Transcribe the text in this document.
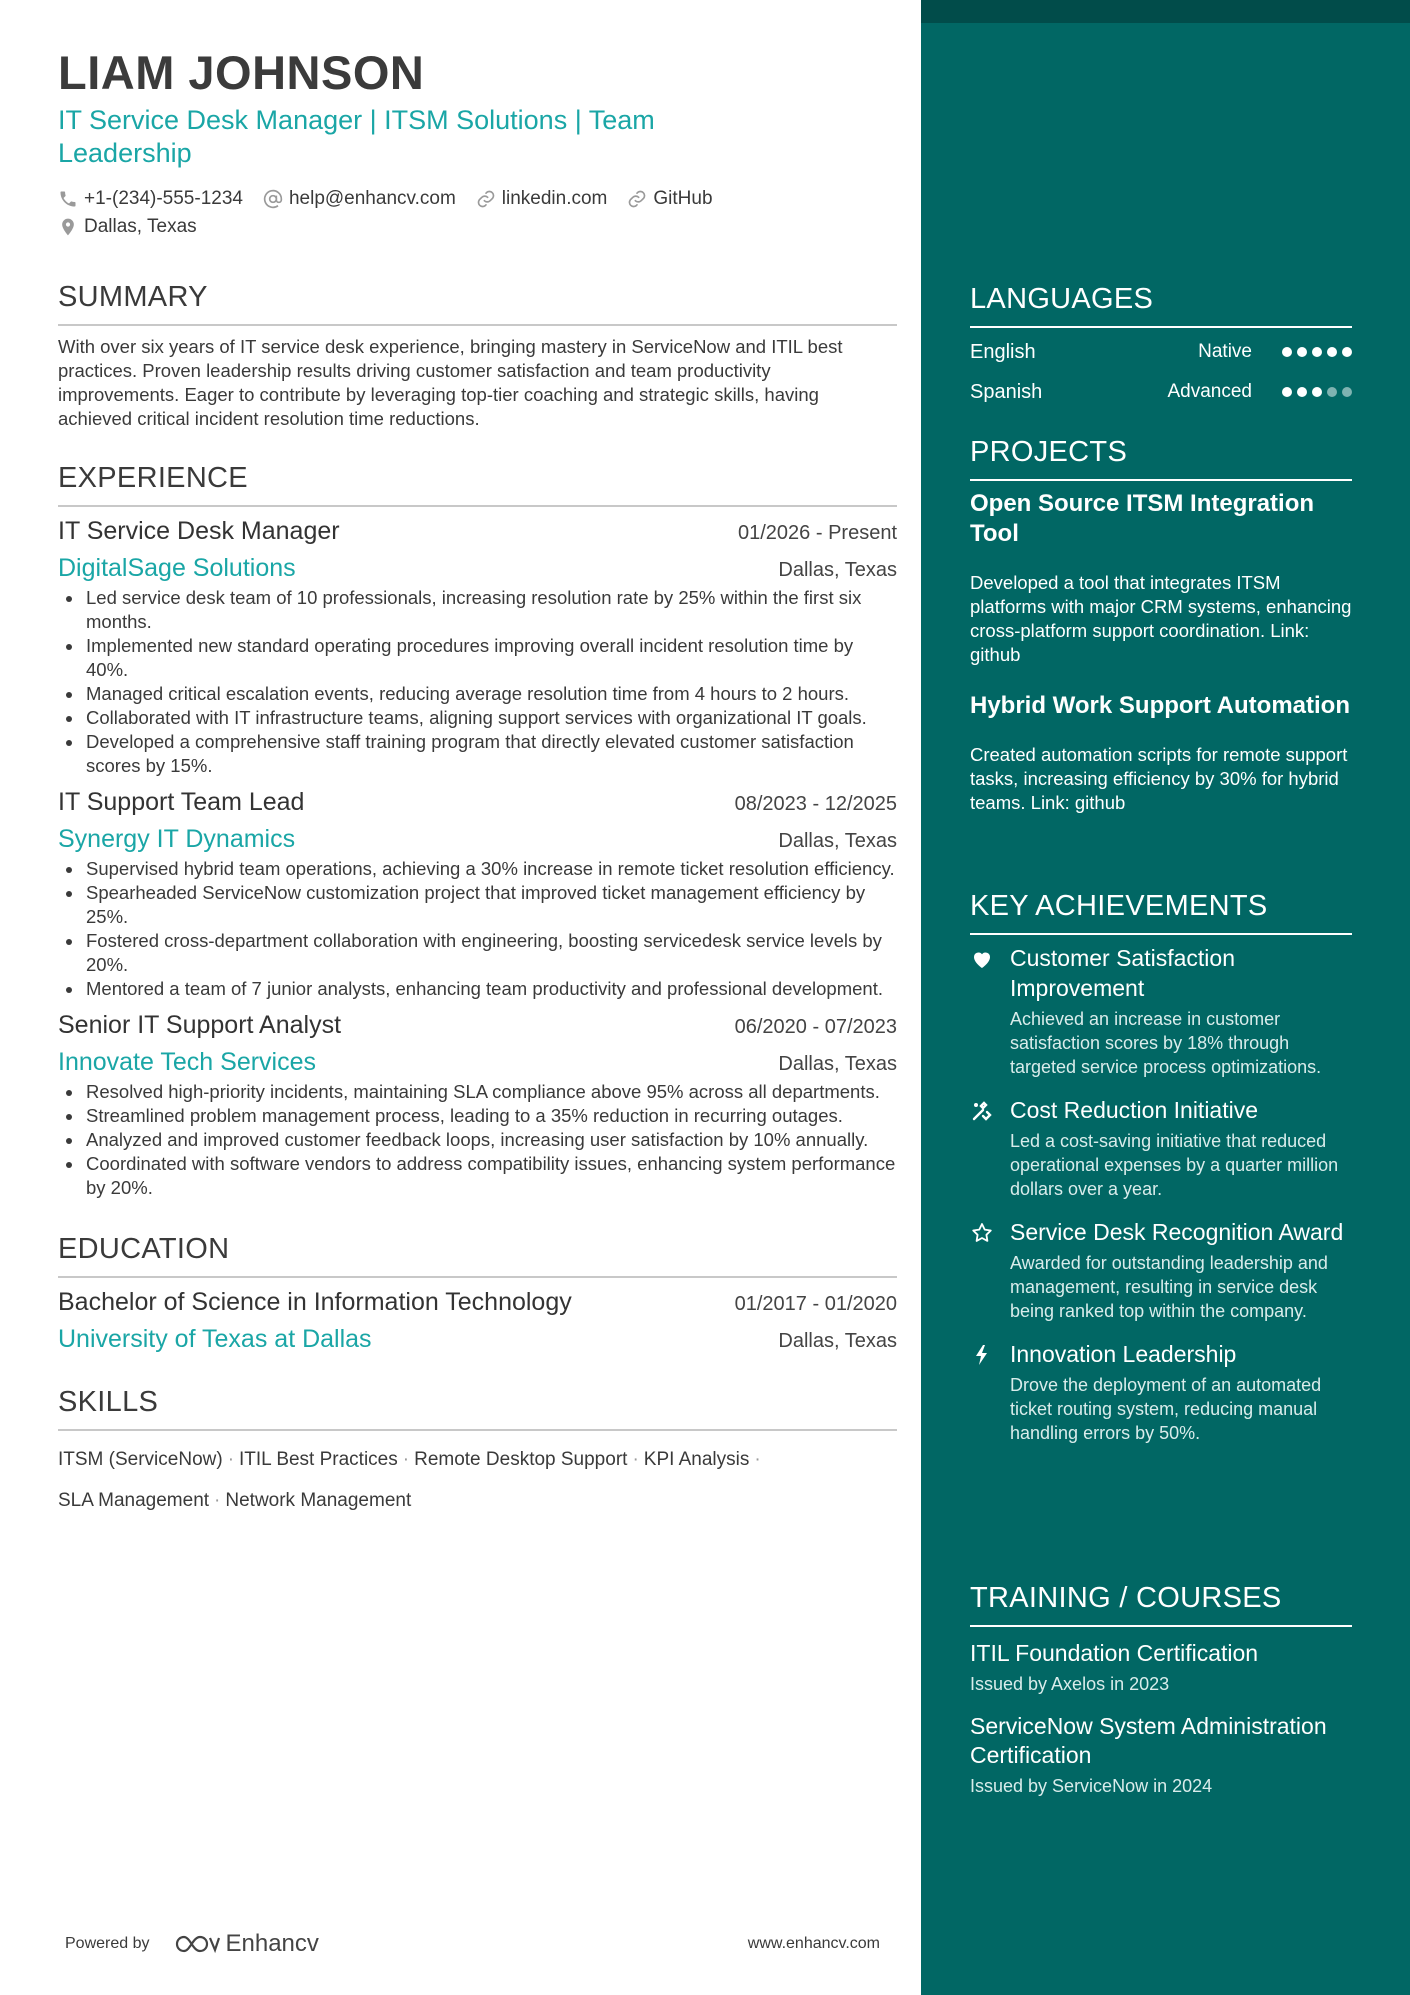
LIAM JOHNSON
IT Service Desk Manager | ITSM Solutions | Team Leadership
+1-(234)-555-1234 help@enhancv.com linkedin.com GitHub
Dallas, Texas
SUMMARY
With over six years of IT service desk experience, bringing mastery in ServiceNow and ITIL best practices. Proven leadership results driving customer satisfaction and team productivity improvements. Eager to contribute by leveraging top-tier coaching and strategic skills, having achieved critical incident resolution time reductions.
EXPERIENCE
IT Service Desk Manager	01/2026 - Present
DigitalSage Solutions	Dallas, Texas
Led service desk team of 10 professionals, increasing resolution rate by 25% within the first six months.
Implemented new standard operating procedures improving overall incident resolution time by 40%.
Managed critical escalation events, reducing average resolution time from 4 hours to 2 hours.
Collaborated with IT infrastructure teams, aligning support services with organizational IT goals.
Developed a comprehensive staff training program that directly elevated customer satisfaction scores by 15%.
IT Support Team Lead	08/2023 - 12/2025
Synergy IT Dynamics	Dallas, Texas
Supervised hybrid team operations, achieving a 30% increase in remote ticket resolution efficiency.
Spearheaded ServiceNow customization project that improved ticket management efficiency by 25%.
Fostered cross-department collaboration with engineering, boosting servicedesk service levels by 20%.
Mentored a team of 7 junior analysts, enhancing team productivity and professional development.
Senior IT Support Analyst	06/2020 - 07/2023
Innovate Tech Services	Dallas, Texas
Resolved high-priority incidents, maintaining SLA compliance above 95% across all departments.
Streamlined problem management process, leading to a 35% reduction in recurring outages.
Analyzed and improved customer feedback loops, increasing user satisfaction by 10% annually.
Coordinated with software vendors to address compatibility issues, enhancing system performance by 20%.
EDUCATION
Bachelor of Science in Information Technology	01/2017 - 01/2020
University of Texas at Dallas	Dallas, Texas
SKILLS
ITSM (ServiceNow) · ITIL Best Practices · Remote Desktop Support · KPI Analysis ·
SLA Management · Network Management
Powered by	Enhancv	www.enhancv.com
LANGUAGES
English	Native
Spanish	Advanced
PROJECTS
Open Source ITSM Integration Tool
Developed a tool that integrates ITSM platforms with major CRM systems, enhancing cross-platform support coordination. Link: github
Hybrid Work Support Automation
Created automation scripts for remote support tasks, increasing efficiency by 30% for hybrid teams. Link: github
KEY ACHIEVEMENTS
Customer Satisfaction Improvement
Achieved an increase in customer satisfaction scores by 18% through targeted service process optimizations.
Cost Reduction Initiative
Led a cost-saving initiative that reduced operational expenses by a quarter million dollars over a year.
Service Desk Recognition Award
Awarded for outstanding leadership and management, resulting in service desk being ranked top within the company.
Innovation Leadership
Drove the deployment of an automated ticket routing system, reducing manual handling errors by 50%.
TRAINING / COURSES
ITIL Foundation Certification
Issued by Axelos in 2023
ServiceNow System Administration Certification
Issued by ServiceNow in 2024
